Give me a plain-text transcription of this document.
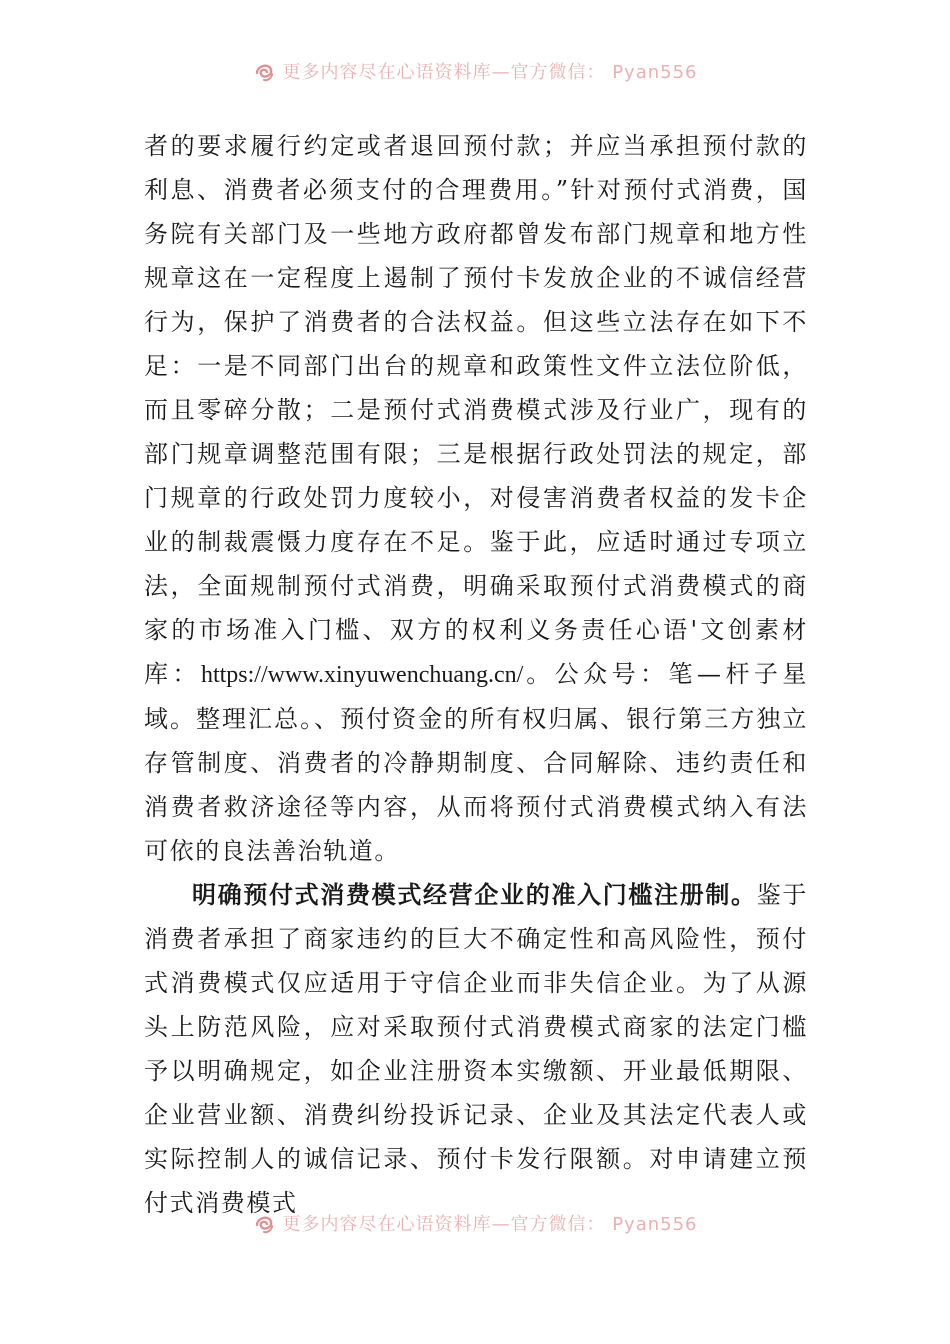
更多内容尽在心语资料库—官方微信： Pyan556

者的要求履行约定或者退回预付款；并应当承担预付款的利息、消费者必须支付的合理费用。”针对预付式消费，国务院有关部门及一些地方政府都曾发布部门规章和地方性规章这在一定程度上遏制了预付卡发放企业的不诚信经营行为，保护了消费者的合法权益。但这些立法存在如下不足：一是不同部门出台的规章和政策性文件立法位阶低，而且零碎分散；二是预付式消费模式涉及行业广，现有的部门规章调整范围有限；三是根据行政处罚法的规定，部门规章的行政处罚力度较小，对侵害消费者权益的发卡企业的制裁震慑力度存在不足。鉴于此，应适时通过专项立法，全面规制预付式消费，明确采取预付式消费模式的商家的市场准入门槛、双方的权利义务责任心语'文创素材库：https://www.xinyuwenchuang.cn/。公众号：笔—杆子星域。整理汇总。、预付资金的所有权归属、银行第三方独立存管制度、消费者的冷静期制度、合同解除、违约责任和消费者救济途径等内容，从而将预付式消费模式纳入有法可依的良法善治轨道。

明确预付式消费模式经营企业的准入门槛注册制。鉴于消费者承担了商家违约的巨大不确定性和高风险性，预付式消费模式仅应适用于守信企业而非失信企业。为了从源头上防范风险，应对采取预付式消费模式商家的法定门槛予以明确规定，如企业注册资本实缴额、开业最低期限、企业营业额、消费纠纷投诉记录、企业及其法定代表人或实际控制人的诚信记录、预付卡发行限额。对申请建立预付式消费模式

更多内容尽在心语资料库—官方微信： Pyan556
